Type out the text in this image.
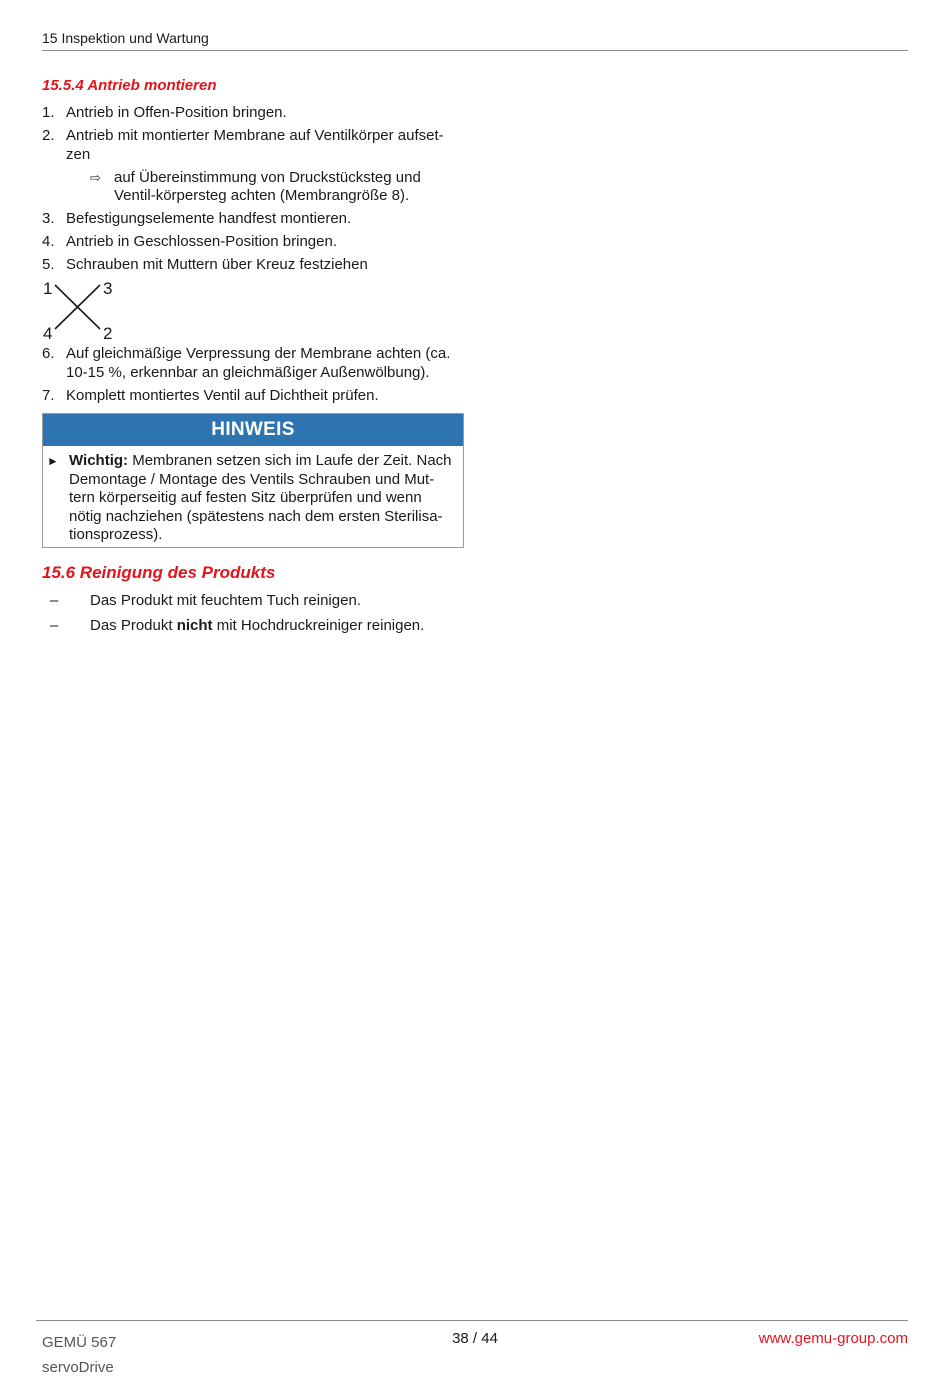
15 Inspektion und Wartung
15.5.4 Antrieb montieren
1. Antrieb in Offen-Position bringen.
2. Antrieb mit montierter Membrane auf Ventilkörper aufset-zen
⇨ auf Übereinstimmung von Druckstücksteg und Ventil-körpersteg achten (Membrangröße 8).
3. Befestigungselemente handfest montieren.
4. Antrieb in Geschlossen-Position bringen.
5. Schrauben mit Muttern über Kreuz festziehen
1	3
4	2
6. Auf gleichmäßige Verpressung der Membrane achten (ca. 10-15 %, erkennbar an gleichmäßiger Außenwölbung).
7. Komplett montiertes Ventil auf Dichtheit prüfen.
HINWEIS
► Wichtig: Membranen setzen sich im Laufe der Zeit. Nach Demontage / Montage des Ventils Schrauben und Mut-tern körperseitig auf festen Sitz überprüfen und wenn nötig nachziehen (spätestens nach dem ersten Sterilisa-tionsprozess).
15.6 Reinigung des Produkts
– Das Produkt mit feuchtem Tuch reinigen.
– Das Produkt nicht mit Hochdruckreiniger reinigen.
GEMÜ 567
servoDrive
38 / 44	www.gemu-group.com
